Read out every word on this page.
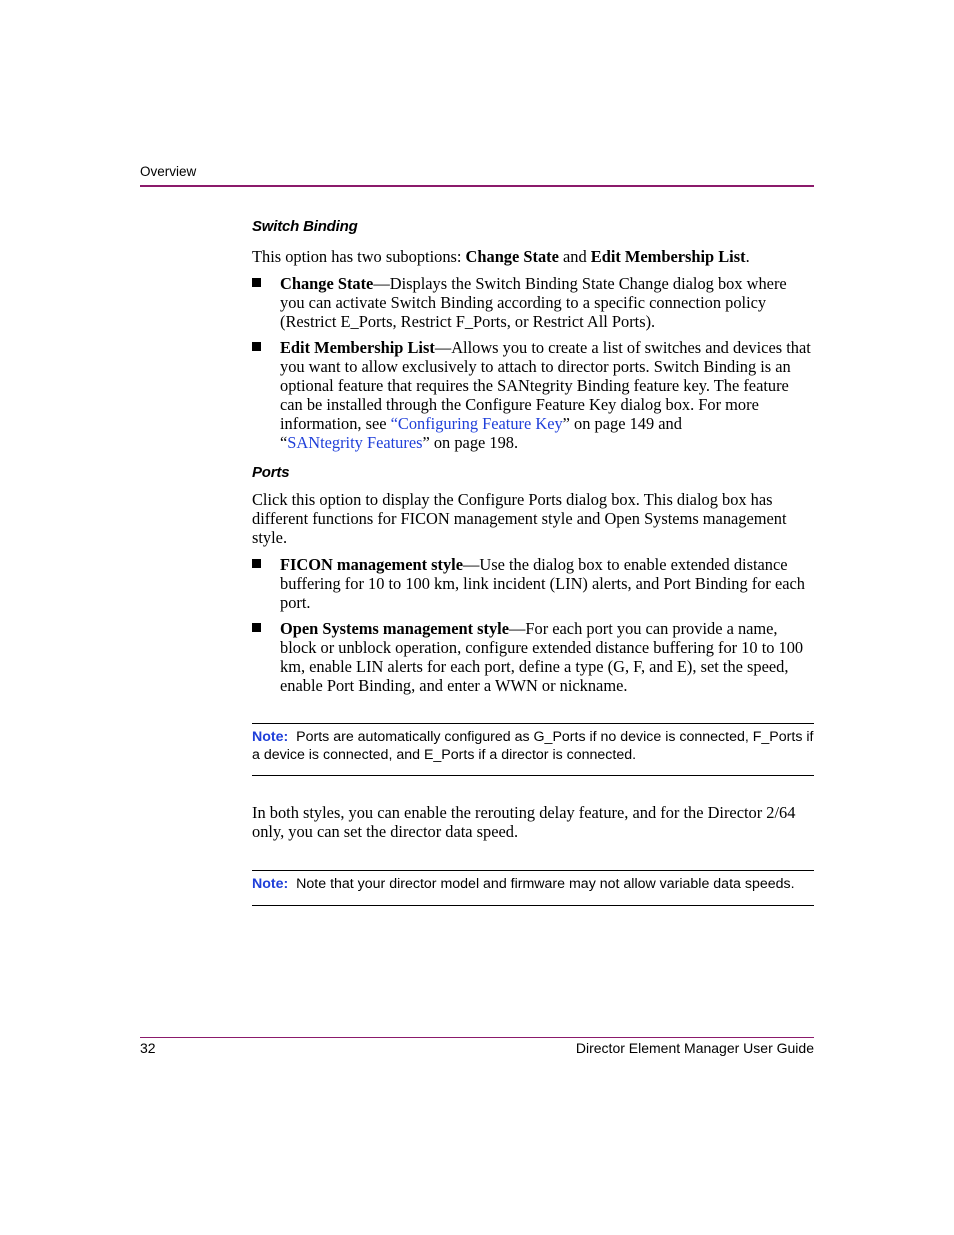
Overview
Switch Binding

This option has two suboptions: Change State and Edit Membership List.

Change State—Displays the Switch Binding State Change dialog box where you can activate Switch Binding according to a specific connection policy (Restrict E_Ports, Restrict F_Ports, or Restrict All Ports).
Edit Membership List—Allows you to create a list of switches and devices that you want to allow exclusively to attach to director ports. Switch Binding is an optional feature that requires the SANtegrity Binding feature key. The feature can be installed through the Configure Feature Key dialog box. For more information, see “Configuring Feature Key” on page 149 and
“SANtegrity Features” on page 198.
Ports

Click this option to display the Configure Ports dialog box. This dialog box has different functions for FICON management style and Open Systems management style.

FICON management style—Use the dialog box to enable extended distance buffering for 10 to 100 km, link incident (LIN) alerts, and Port Binding for each port.
Open Systems management style—For each port you can provide a name, block or unblock operation, configure extended distance buffering for 10 to 100 km, enable LIN alerts for each port, define a type (G, F, and E), set the speed, enable Port Binding, and enter a WWN or nickname.
Note: Ports are automatically configured as G_Ports if no device is connected, F_Ports if a device is connected, and E_Ports if a director is connected.

In both styles, you can enable the rerouting delay feature, and for the Director 2/64 only, you can set the director data speed.

Note: Note that your director model and firmware may not allow variable data speeds.
32	Director Element Manager User Guide
